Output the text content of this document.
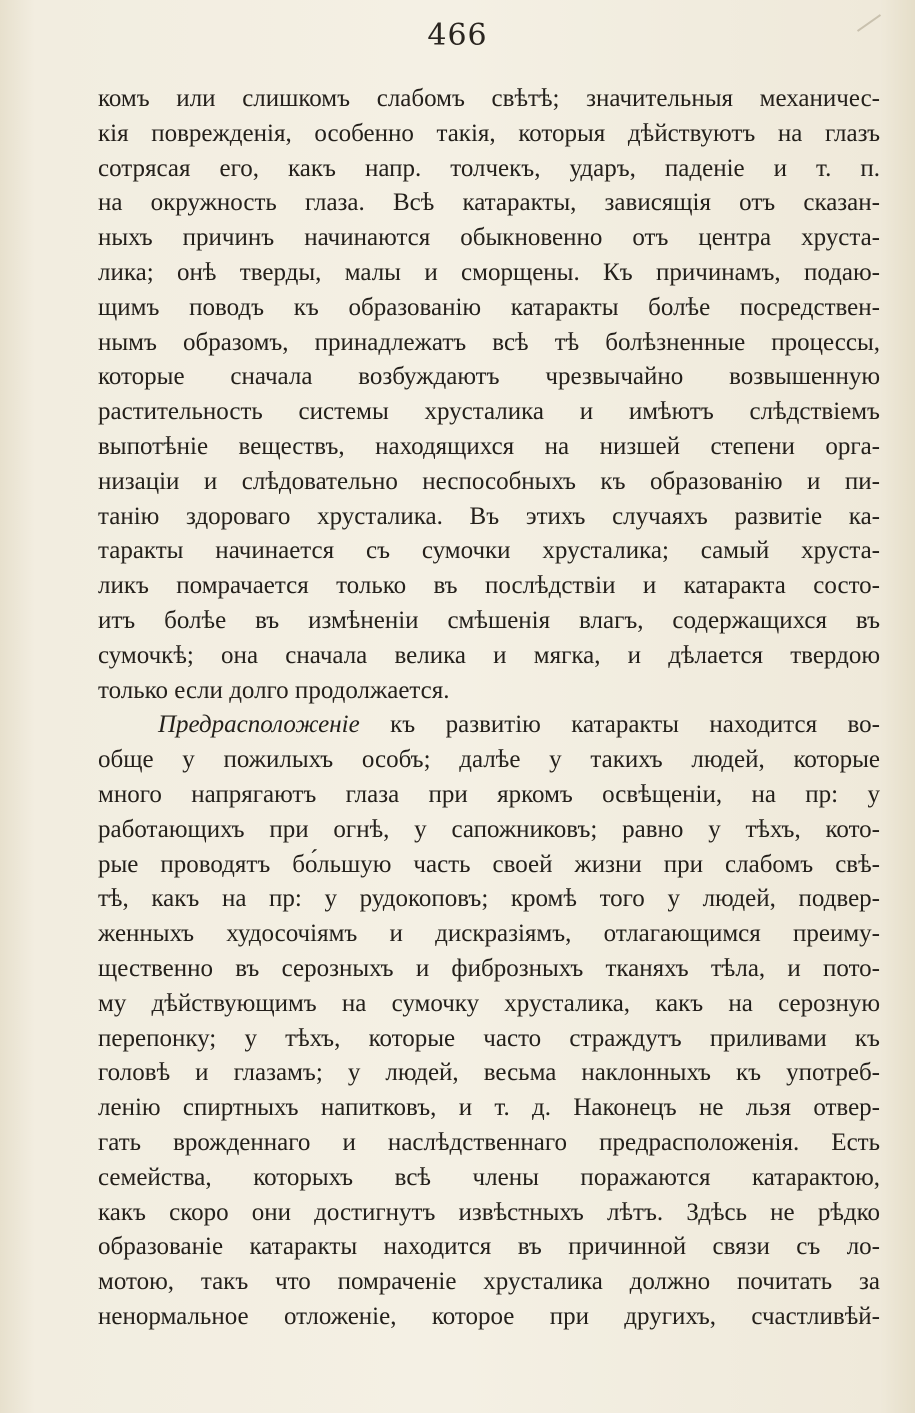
466
комъ или слишкомъ слабомъ свѣтѣ; значительныя механичес-
кія поврежденія, особенно такія, которыя дѣйствуютъ на глазъ
сотрясая его, какъ напр. толчекъ, ударъ, паденіе и т. п.
на окружность глаза. Всѣ катаракты, зависящія отъ сказан-
ныхъ причинъ начинаются обыкновенно отъ центра хруста-
лика; онѣ тверды, малы и сморщены. Къ причинамъ, подаю-
щимъ поводъ къ образованію катаракты болѣе посредствен-
нымъ образомъ, принадлежатъ всѣ тѣ болѣзненные процессы,
которые сначала возбуждаютъ чрезвычайно возвышенную
растительность системы хрусталика и имѣютъ слѣдствіемъ
выпотѣніе веществъ, находящихся на низшей степени орга-
низаціи и слѣдовательно неспособныхъ къ образованію и пи-
танію здороваго хрусталика. Въ этихъ случаяхъ развитіе ка-
таракты начинается съ сумочки хрусталика; самый хруста-
ликъ помрачается только въ послѣдствіи и катаракта состо-
итъ болѣе въ измѣненіи смѣшенія влагъ, содержащихся въ
сумочкѣ; она сначала велика и мягка, и дѣлается твердою
только если долго продолжается.
Предрасположеніе къ развитію катаракты находится во-
обще у пожилыхъ особъ; далѣе у такихъ людей, которые
много напрягаютъ глаза при яркомъ освѣщеніи, на пр: у
работающихъ при огнѣ, у сапожниковъ; равно у тѣхъ, кото-
рые проводятъ бо́льшую часть своей жизни при слабомъ свѣ-
тѣ, какъ на пр: у рудокоповъ; кромѣ того у людей, подвер-
женныхъ худосочіямъ и дискразіямъ, отлагающимся преиму-
щественно въ серозныхъ и фиброзныхъ тканяхъ тѣла, и пото-
му дѣйствующимъ на сумочку хрусталика, какъ на серозную
перепонку; у тѣхъ, которые часто страждутъ приливами къ
головѣ и глазамъ; у людей, весьма наклонныхъ къ употреб-
ленію спиртныхъ напитковъ, и т. д. Наконецъ не льзя отвер-
гать врожденнаго и наслѣдственнаго предрасположенія. Есть
семейства, которыхъ всѣ члены поражаются катарактою,
какъ скоро они достигнутъ извѣстныхъ лѣтъ. Здѣсь не рѣдко
образованіе катаракты находится въ причинной связи съ ло-
мотою, такъ что помраченіе хрусталика должно почитать за
ненормальное отложеніе, которое при другихъ, счастливѣй-
